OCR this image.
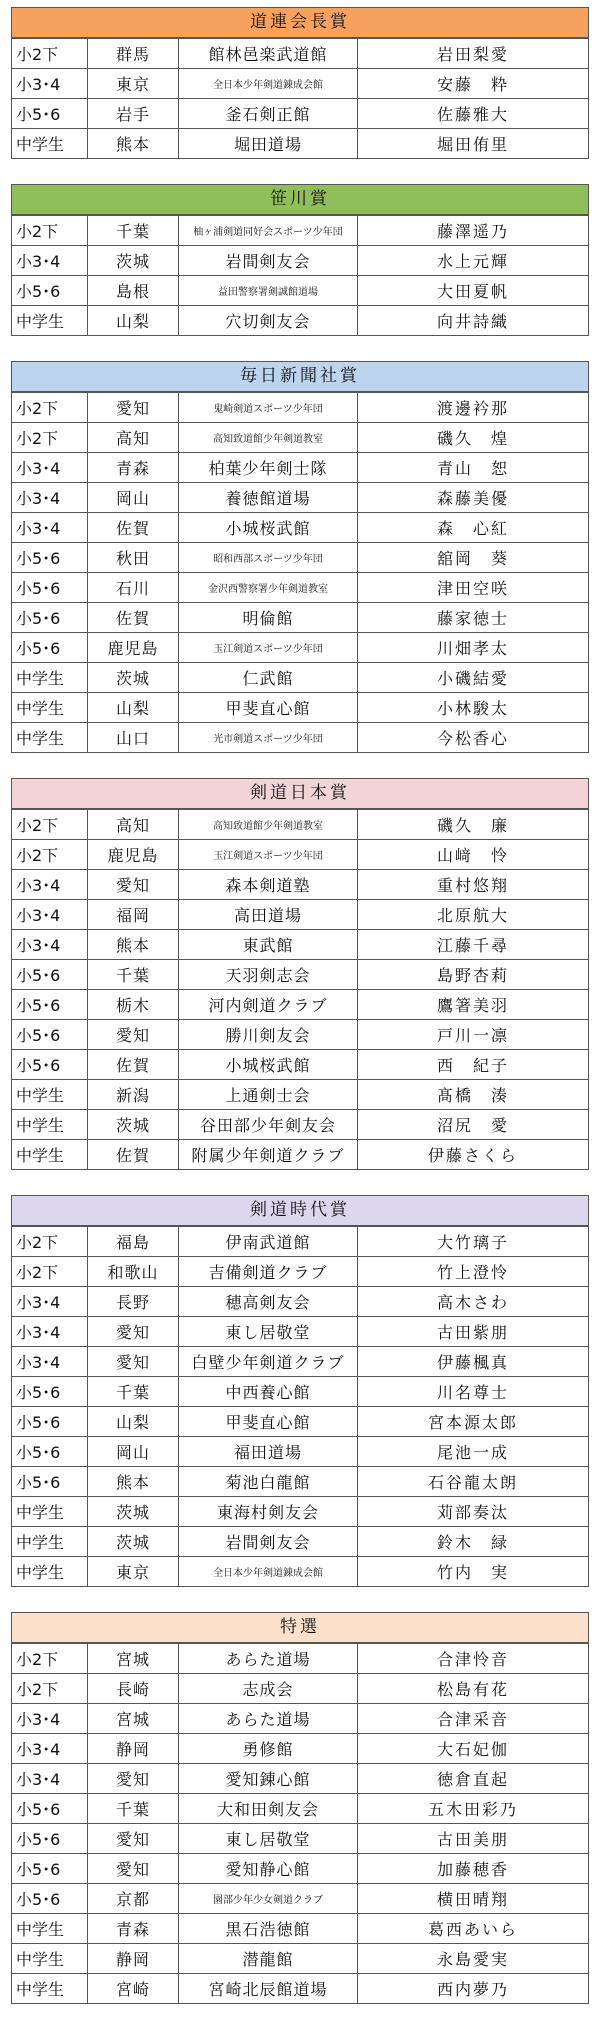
道連会長賞
小2下	群馬	館林邑楽武道館	岩田梨愛
小3･4	東京	全日本少年剣道錬成会館	安藤　粋
小5･6	岩手	釜石剣正館	佐藤雅大
中学生	熊本	堀田道場	堀田侑里
笹川賞
小2下	千葉	柚ヶ浦剣道同好会スポーツ少年団	藤澤遥乃
小3･4	茨城	岩間剣友会	水上元輝
小5･6	島根	益田警察署剣誠館道場	大田夏帆
中学生	山梨	穴切剣友会	向井詩織
毎日新聞社賞
小2下	愛知	鬼崎剣道スポーツ少年団	渡邊衿那
小2下	高知	高知致道館少年剣道教室	磯久　煌
小3･4	青森	柏葉少年剣士隊	青山　恕
小3･4	岡山	養徳館道場	森藤美優
小3･4	佐賀	小城桜武館	森　心紅
小5･6	秋田	昭和西部スポーツ少年団	舘岡　葵
小5･6	石川	金沢西警察署少年剣道教室	津田空咲
小5･6	佐賀	明倫館	藤家徳士
小5･6	鹿児島	玉江剣道スポーツ少年団	川畑孝太
中学生	茨城	仁武館	小磯結愛
中学生	山梨	甲斐直心館	小林駿太
中学生	山口	光市剣道スポーツ少年団	今松香心
剣道日本賞
小2下	高知	高知致道館少年剣道教室	磯久　廉
小2下	鹿児島	玉江剣道スポーツ少年団	山﨑　怜
小3･4	愛知	森本剣道塾	重村悠翔
小3･4	福岡	高田道場	北原航大
小3･4	熊本	東武館	江藤千尋
小5･6	千葉	天羽剣志会	島野杏莉
小5･6	栃木	河内剣道クラブ	鷹箸美羽
小5･6	愛知	勝川剣友会	戸川一凛
小5･6	佐賀	小城桜武館	西　紀子
中学生	新潟	上通剣士会	髙橋　湊
中学生	茨城	谷田部少年剣友会	沼尻　愛
中学生	佐賀	附属少年剣道クラブ	伊藤さくら
剣道時代賞
小2下	福島	伊南武道館	大竹璃子
小2下	和歌山	吉備剣道クラブ	竹上澄怜
小3･4	長野	穂高剣友会	高木さわ
小3･4	愛知	東し居敬堂	古田紫朋
小3･4	愛知	白壁少年剣道クラブ	伊藤楓真
小5･6	千葉	中西養心館	川名尊士
小5･6	山梨	甲斐直心館	宮本源太郎
小5･6	岡山	福田道場	尾池一成
小5･6	熊本	菊池白龍館	石谷龍太朗
中学生	茨城	東海村剣友会	苅部奏汰
中学生	茨城	岩間剣友会	鈴木　緑
中学生	東京	全日本少年剣道錬成会館	竹内　実
特選
小2下	宮城	あらた道場	合津怜音
小2下	長崎	志成会	松島有花
小3･4	宮城	あらた道場	合津采音
小3･4	静岡	勇修館	大石妃伽
小3･4	愛知	愛知錬心館	徳倉直起
小5･6	千葉	大和田剣友会	五木田彩乃
小5･6	愛知	東し居敬堂	古田美朋
小5･6	愛知	愛知静心館	加藤穂香
小5･6	京都	園部少年少女剣道クラブ	横田晴翔
中学生	青森	黒石浩徳館	葛西あいら
中学生	静岡	潜龍館	永島愛実
中学生	宮崎	宮崎北辰館道場	西内夢乃
